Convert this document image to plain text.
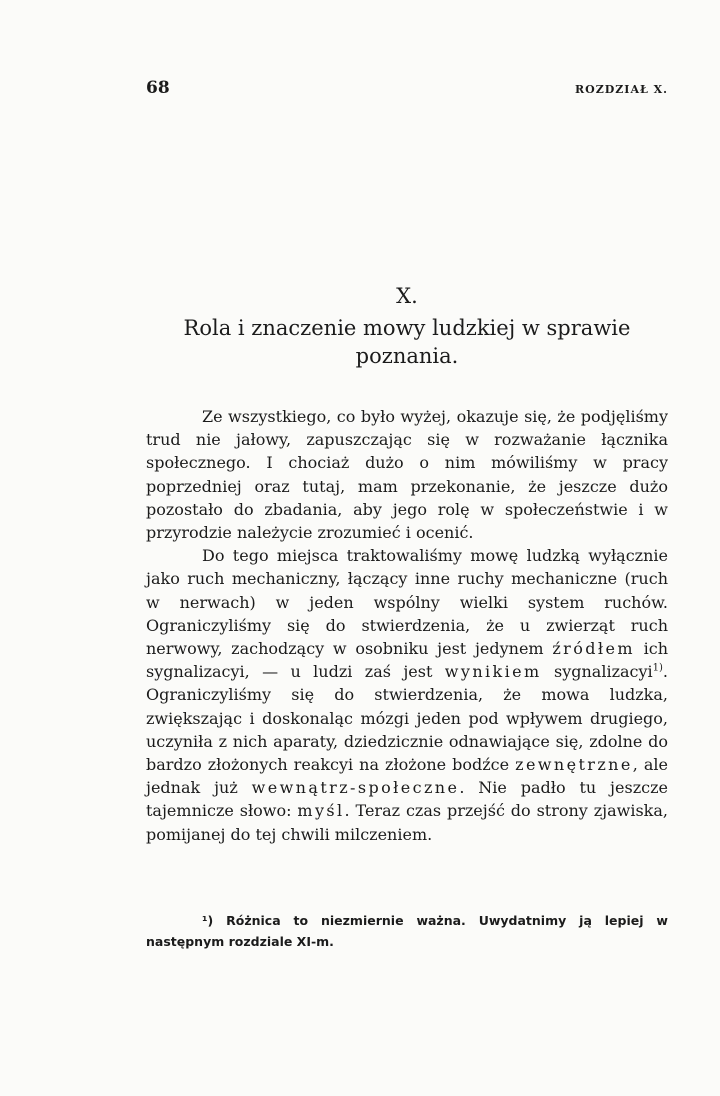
68	ROZDZIAŁ X.
X.
Rola i znaczenie mowy ludzkiej w sprawie
poznania.

Ze wszystkiego, co było wyżej, okazuje się, że podjęliśmy trud nie jałowy, zapuszczając się w rozważanie łącznika społecznego. I chociaż dużo o nim mówiliśmy w pracy poprzedniej oraz tutaj, mam przekonanie, że jeszcze dużo pozostało do zbadania, aby jego rolę w społeczeństwie i w przyrodzie należycie zrozumieć i ocenić.

Do tego miejsca traktowaliśmy mowę ludzką wyłącznie jako ruch mechaniczny, łączący inne ruchy mechaniczne (ruch w nerwach) w jeden wspólny wielki system ruchów. Ograniczyliśmy się do stwierdzenia, że u zwierząt ruch nerwowy, zachodzący w osobniku jest jedynem źródłem ich sygnalizacyi, — u ludzi zaś jest wynikiem sygnalizacyi$^{1)}$. Ograniczyliśmy się do stwierdzenia, że mowa ludzka, zwiększając i doskonaląc mózgi jeden pod wpływem drugiego, uczyniła z nich aparaty, dziedzicznie odnawiające się, zdolne do bardzo złożonych reakcyi na złożone bodźce zewnętrzne, ale jednak już wewnątrz-społeczne. Nie padło tu jeszcze tajemnicze słowo: myśl. Teraz czas przejść do strony zjawiska, pomijanej do tej chwili milczeniem.

¹) Różnica to niezmiernie ważna. Uwydatnimy ją lepiej w następnym rozdziale XI-m.
